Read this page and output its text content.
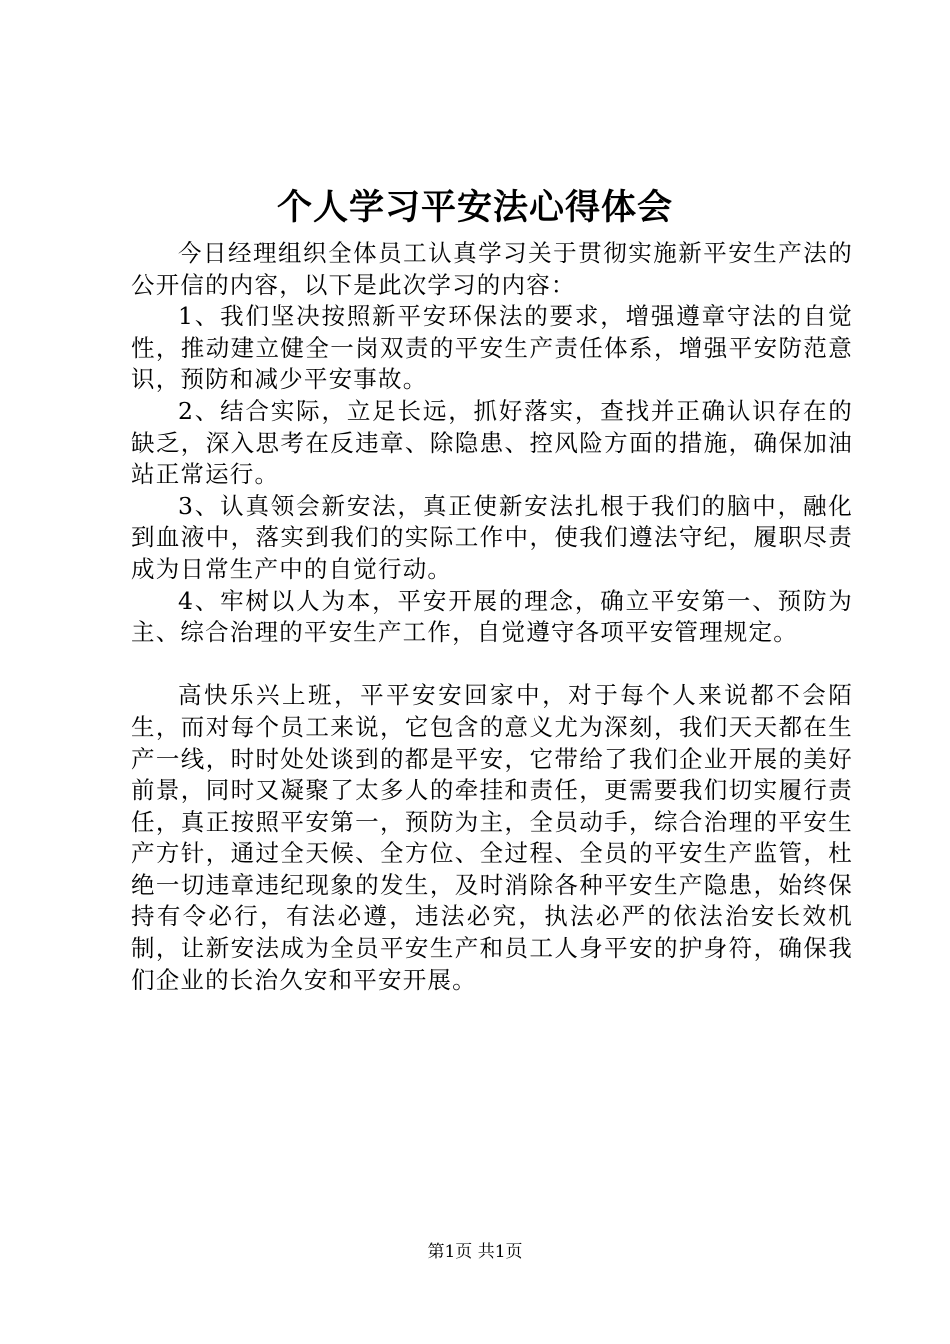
个人学习平安法心得体会

今日经理组织全体员工认真学习关于贯彻实施新平安生产法的公开信的内容，以下是此次学习的内容：

1、我们坚决按照新平安环保法的要求，增强遵章守法的自觉性，推动建立健全一岗双责的平安生产责任体系，增强平安防范意识，预防和减少平安事故。

2、结合实际，立足长远，抓好落实，查找并正确认识存在的缺乏，深入思考在反违章、除隐患、控风险方面的措施，确保加油站正常运行。

3、认真领会新安法，真正使新安法扎根于我们的脑中，融化到血液中，落实到我们的实际工作中，使我们遵法守纪，履职尽责成为日常生产中的自觉行动。

4、牢树以人为本，平安开展的理念，确立平安第一、预防为主、综合治理的平安生产工作，自觉遵守各项平安管理规定。

高快乐兴上班，平平安安回家中，对于每个人来说都不会陌生，而对每个员工来说，它包含的意义尤为深刻，我们天天都在生产一线，时时处处谈到的都是平安，它带给了我们企业开展的美好前景，同时又凝聚了太多人的牵挂和责任，更需要我们切实履行责任，真正按照平安第一，预防为主，全员动手，综合治理的平安生产方针，通过全天候、全方位、全过程、全员的平安生产监管，杜绝一切违章违纪现象的发生，及时消除各种平安生产隐患，始终保持有令必行，有法必遵，违法必究，执法必严的依法治安长效机制，让新安法成为全员平安生产和员工人身平安的护身符，确保我们企业的长治久安和平安开展。

第1页 共1页
